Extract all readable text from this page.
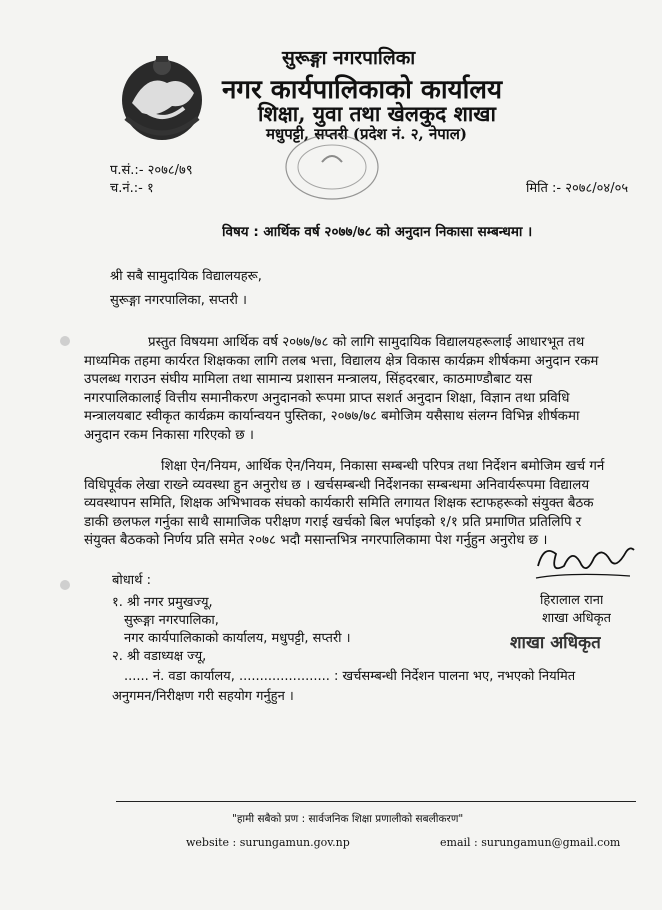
सुरूङ्गा नगरपालिका
नगर कार्यपालिकाको कार्यालय
शिक्षा, युवा तथा खेलकुद शाखा
मधुपट्टी, सप्तरी (प्रदेश नं. २, नेपाल)
प.सं.:- २०७८/७९
च.नं.:- १	मिति :- २०७८/०४/०५
विषय : आर्थिक वर्ष २०७७/७८ को अनुदान निकासा सम्बन्धमा ।
श्री सबै सामुदायिक विद्यालयहरू,
सुरूङ्गा नगरपालिका, सप्तरी ।
प्रस्तुत विषयमा आर्थिक वर्ष २०७७/७८ को लागि सामुदायिक विद्यालयहरूलाई आधारभूत तथ
माध्यमिक तहमा कार्यरत शिक्षकका लागि तलब भत्ता, विद्यालय क्षेत्र विकास कार्यक्रम शीर्षकमा अनुदान रकम
उपलब्ध गराउन संघीय मामिला तथा सामान्य प्रशासन मन्त्रालय, सिंहदरबार, काठमाण्डौबाट यस
नगरपालिकालाई वित्तीय समानीकरण अनुदानको रूपमा प्राप्त सशर्त अनुदान शिक्षा, विज्ञान तथा प्रविधि
मन्त्रालयबाट स्वीकृत कार्यक्रम कार्यान्वयन पुस्तिका, २०७७/७८ बमोजिम यसैसाथ संलग्न विभिन्न शीर्षकमा
अनुदान रकम निकासा गरिएको छ ।
शिक्षा ऐन/नियम, आर्थिक ऐन/नियम, निकासा सम्बन्धी परिपत्र तथा निर्देशन बमोजिम खर्च गर्न
विधिपूर्वक लेखा राख्ने व्यवस्था हुन अनुरोध छ । खर्चसम्बन्धी निर्देशनका सम्बन्धमा अनिवार्यरूपमा विद्यालय
व्यवस्थापन समिति, शिक्षक अभिभावक संघको कार्यकारी समिति लगायत शिक्षक स्टाफहरूको संयुक्त बैठक
डाकी छलफल गर्नुका साथै सामाजिक परीक्षण गराई खर्चको बिल भर्पाइको १/१ प्रति प्रमाणित प्रतिलिपि र
संयुक्त बैठकको निर्णय प्रति समेत २०७८ भदौ मसान्तभित्र नगरपालिकामा पेश गर्नुहुन अनुरोध छ ।
हिरालाल राना
शाखा अधिकृत
शाखा अधिकृत
बोधार्थ :
१. श्री नगर प्रमुखज्यू,
सुरूङ्गा नगरपालिका,
नगर कार्यपालिकाको कार्यालय, मधुपट्टी, सप्तरी ।
२. श्री वडाध्यक्ष ज्यू,
...... नं. वडा कार्यालय, ...................... : खर्चसम्बन्धी निर्देशन पालना भए, नभएको नियमित
अनुगमन/निरीक्षण गरी सहयोग गर्नुहुन ।
"हामी सबैको प्रण : सार्वजनिक शिक्षा प्रणालीको सबलीकरण"
website : surungamun.gov.np	email : surungamun@gmail.com
